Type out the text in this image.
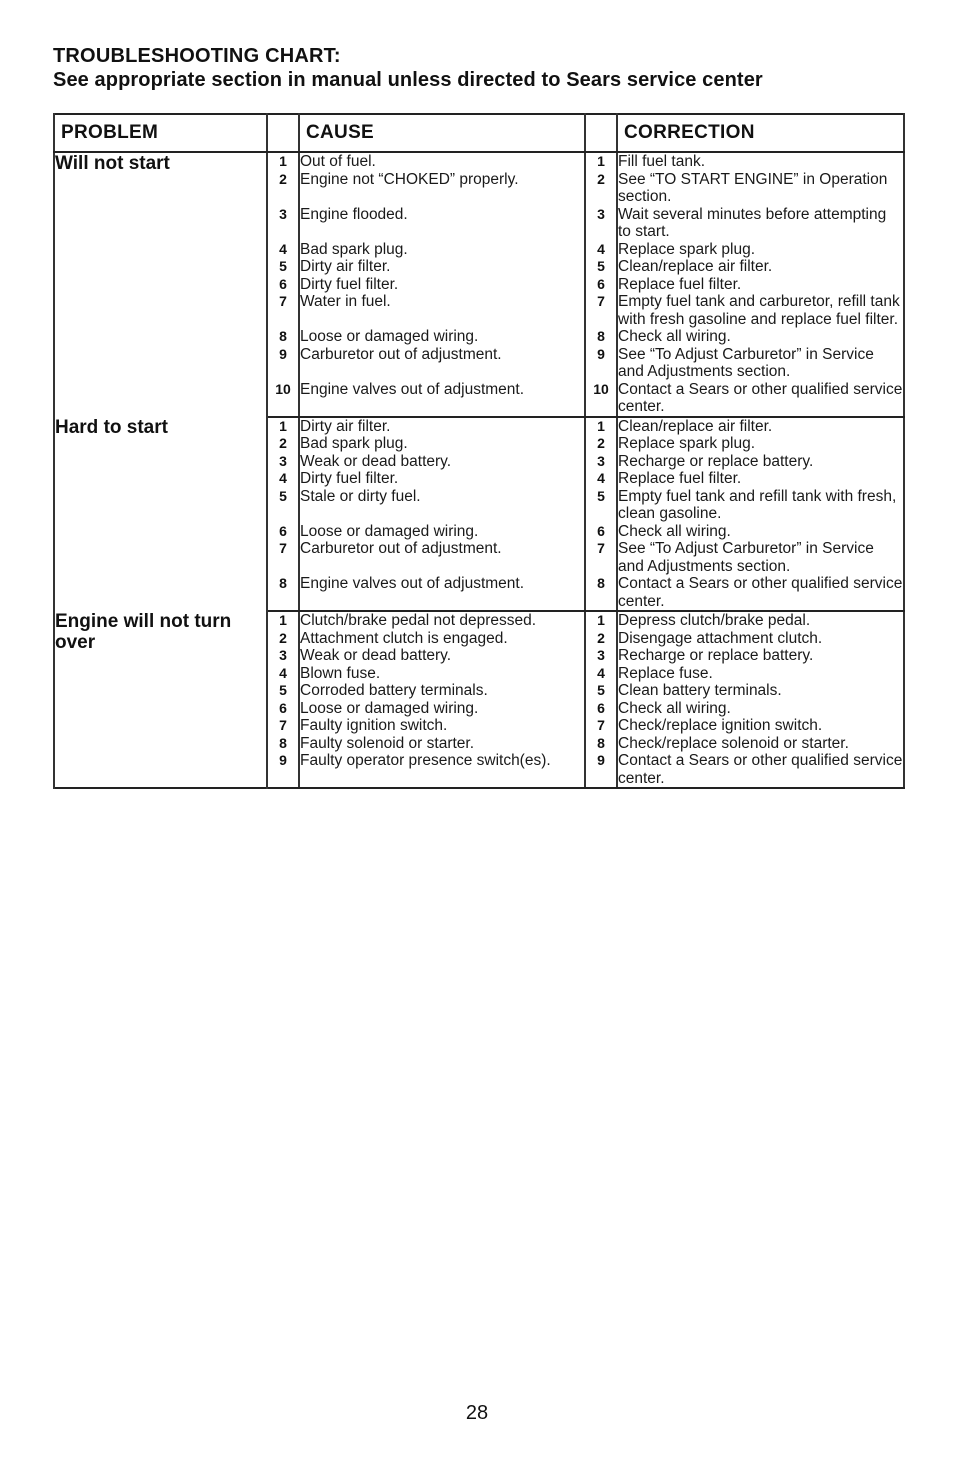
TROUBLESHOOTING CHART:
See appropriate section in manual unless directed to Sears service center
PROBLEM		CAUSE		CORRECTION
Will not start	1	Out of fuel.	1	Fill fuel tank.
	2	Engine not “CHOKED” properly.	2	See “TO START ENGINE” in Operation section.
	3	Engine flooded.	3	Wait several minutes before attempting to start.
	4	Bad spark plug.	4	Replace spark plug.
	5	Dirty air filter.	5	Clean/replace air filter.
	6	Dirty fuel filter.	6	Replace fuel filter.
	7	Water in fuel.	7	Empty fuel tank and carburetor, refill tank with fresh gasoline and replace fuel filter.
	8	Loose or damaged wiring.	8	Check all wiring.
	9	Carburetor out of adjustment.	9	See “To Adjust Carburetor” in Service and Adjustments section.
	10	Engine valves out of adjustment.	10	Contact a Sears or other qualified service center.
Hard to start	1	Dirty air filter.	1	Clean/replace air filter.
	2	Bad spark plug.	2	Replace spark plug.
	3	Weak or dead battery.	3	Recharge or replace battery.
	4	Dirty fuel filter.	4	Replace fuel filter.
	5	Stale or dirty fuel.	5	Empty fuel tank and refill tank with fresh, clean gasoline.
	6	Loose or damaged wiring.	6	Check all wiring.
	7	Carburetor out of adjustment.	7	See “To Adjust Carburetor” in Service and Adjustments section.
	8	Engine valves out of adjustment.	8	Contact a Sears or other qualified service center.
Engine will not turn over	1	Clutch/brake pedal not depressed.	1	Depress clutch/brake pedal.
	2	Attachment clutch is engaged.	2	Disengage attachment clutch.
	3	Weak or dead battery.	3	Recharge or replace battery.
	4	Blown fuse.	4	Replace fuse.
	5	Corroded battery terminals.	5	Clean battery terminals.
	6	Loose or damaged wiring.	6	Check all wiring.
	7	Faulty ignition switch.	7	Check/replace ignition switch.
	8	Faulty solenoid or starter.	8	Check/replace solenoid or starter.
	9	Faulty operator presence switch(es).	9	Contact a Sears or other qualified service center.
28
